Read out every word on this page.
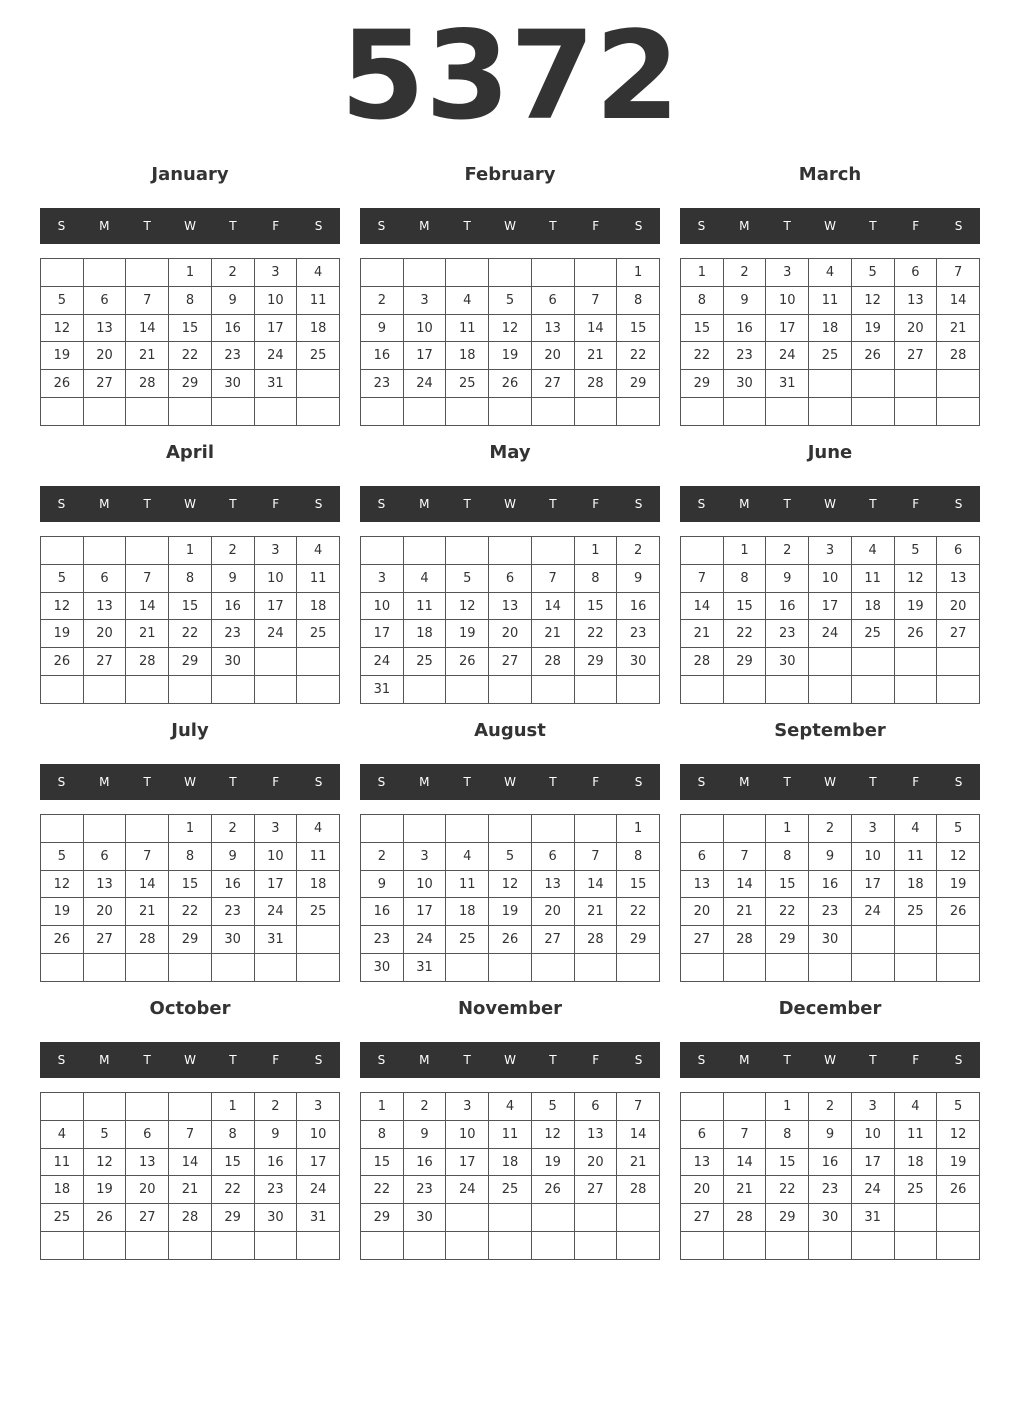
5372
January
S	M	T	W	T	F	S
			1	2	3	4
5	6	7	8	9	10	11
12	13	14	15	16	17	18
19	20	21	22	23	24	25
26	27	28	29	30	31	

February
S	M	T	W	T	F	S
						1
2	3	4	5	6	7	8
9	10	11	12	13	14	15
16	17	18	19	20	21	22
23	24	25	26	27	28	29

March
S	M	T	W	T	F	S
1	2	3	4	5	6	7
8	9	10	11	12	13	14
15	16	17	18	19	20	21
22	23	24	25	26	27	28
29	30	31				

April
S	M	T	W	T	F	S
			1	2	3	4
5	6	7	8	9	10	11
12	13	14	15	16	17	18
19	20	21	22	23	24	25
26	27	28	29	30		

May
S	M	T	W	T	F	S
					1	2
3	4	5	6	7	8	9
10	11	12	13	14	15	16
17	18	19	20	21	22	23
24	25	26	27	28	29	30
31						
June
S	M	T	W	T	F	S
	1	2	3	4	5	6
7	8	9	10	11	12	13
14	15	16	17	18	19	20
21	22	23	24	25	26	27
28	29	30				

July
S	M	T	W	T	F	S
			1	2	3	4
5	6	7	8	9	10	11
12	13	14	15	16	17	18
19	20	21	22	23	24	25
26	27	28	29	30	31	

August
S	M	T	W	T	F	S
						1
2	3	4	5	6	7	8
9	10	11	12	13	14	15
16	17	18	19	20	21	22
23	24	25	26	27	28	29
30	31					
September
S	M	T	W	T	F	S
		1	2	3	4	5
6	7	8	9	10	11	12
13	14	15	16	17	18	19
20	21	22	23	24	25	26
27	28	29	30			

October
S	M	T	W	T	F	S
				1	2	3
4	5	6	7	8	9	10
11	12	13	14	15	16	17
18	19	20	21	22	23	24
25	26	27	28	29	30	31

November
S	M	T	W	T	F	S
1	2	3	4	5	6	7
8	9	10	11	12	13	14
15	16	17	18	19	20	21
22	23	24	25	26	27	28
29	30					

December
S	M	T	W	T	F	S
		1	2	3	4	5
6	7	8	9	10	11	12
13	14	15	16	17	18	19
20	21	22	23	24	25	26
27	28	29	30	31		
